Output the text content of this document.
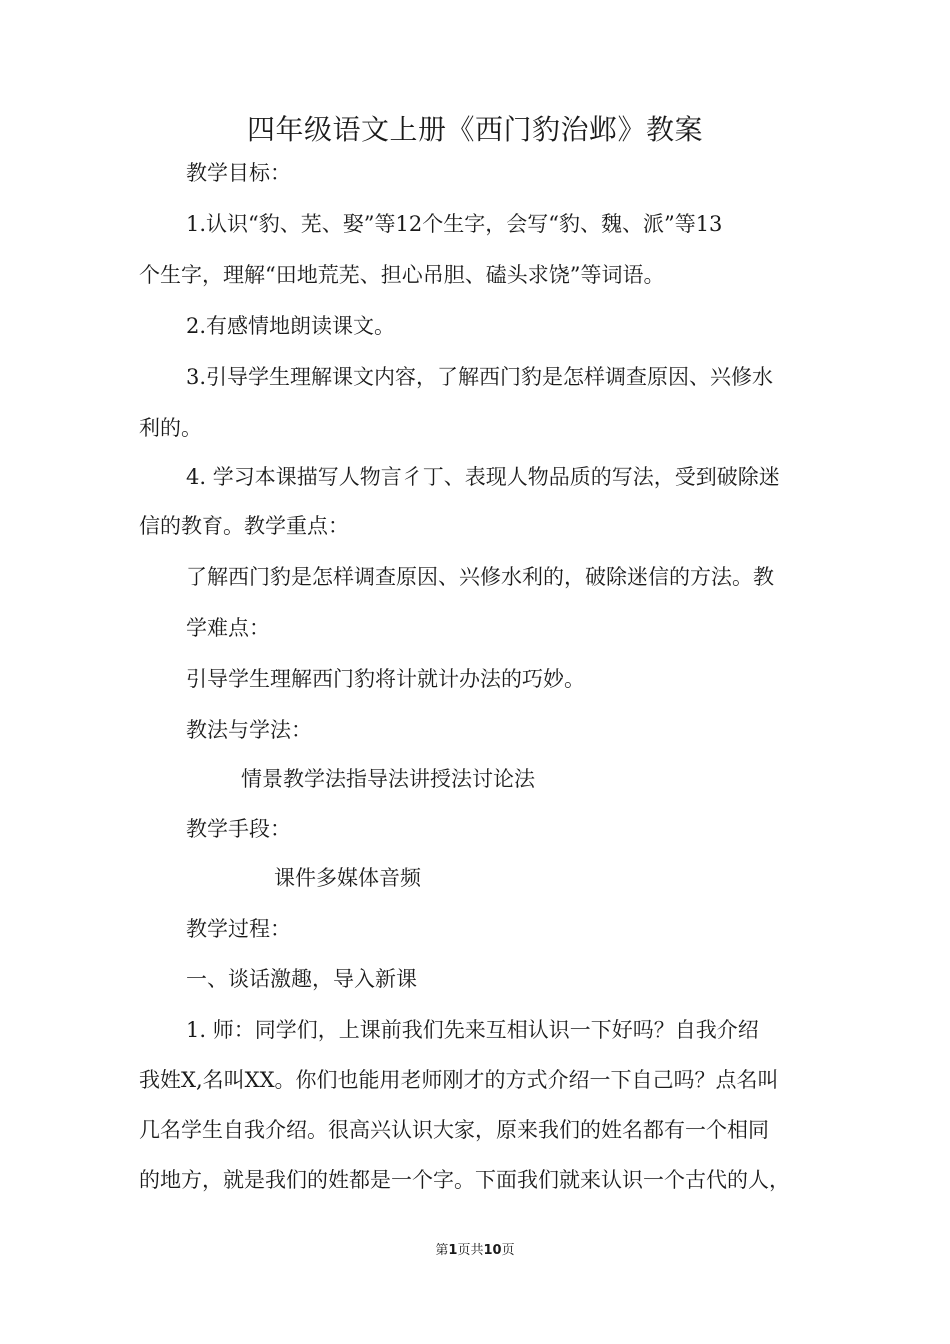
四年级语文上册《西门豹治邺》教案
教学目标：
1.认识“豹、芜、娶”等12个生字，会写“豹、魏、派”等13
个生字，理解“田地荒芜、担心吊胆、磕头求饶”等词语。
2.有感情地朗读课文。
3.引导学生理解课文内容，了解西门豹是怎样调查原因、兴修水
利的。
4. 学习本课描写人物言彳丁、表现人物品质的写法，受到破除迷
信的教育。教学重点：
了解西门豹是怎样调查原因、兴修水利的，破除迷信的方法。教
学难点：
引导学生理解西门豹将计就计办法的巧妙。
教法与学法：
情景教学法指导法讲授法讨论法
教学手段：
课件多媒体音频
教学过程：
一、谈话激趣，导入新课
1. 师：同学们，上课前我们先来互相认识一下好吗？自我介绍
我姓X,名叫XX。你们也能用老师刚才的方式介绍一下自己吗？点名叫
几名学生自我介绍。很高兴认识大家，原来我们的姓名都有一个相同
的地方，就是我们的姓都是一个字。下面我们就来认识一个古代的人，
第1页共10页
